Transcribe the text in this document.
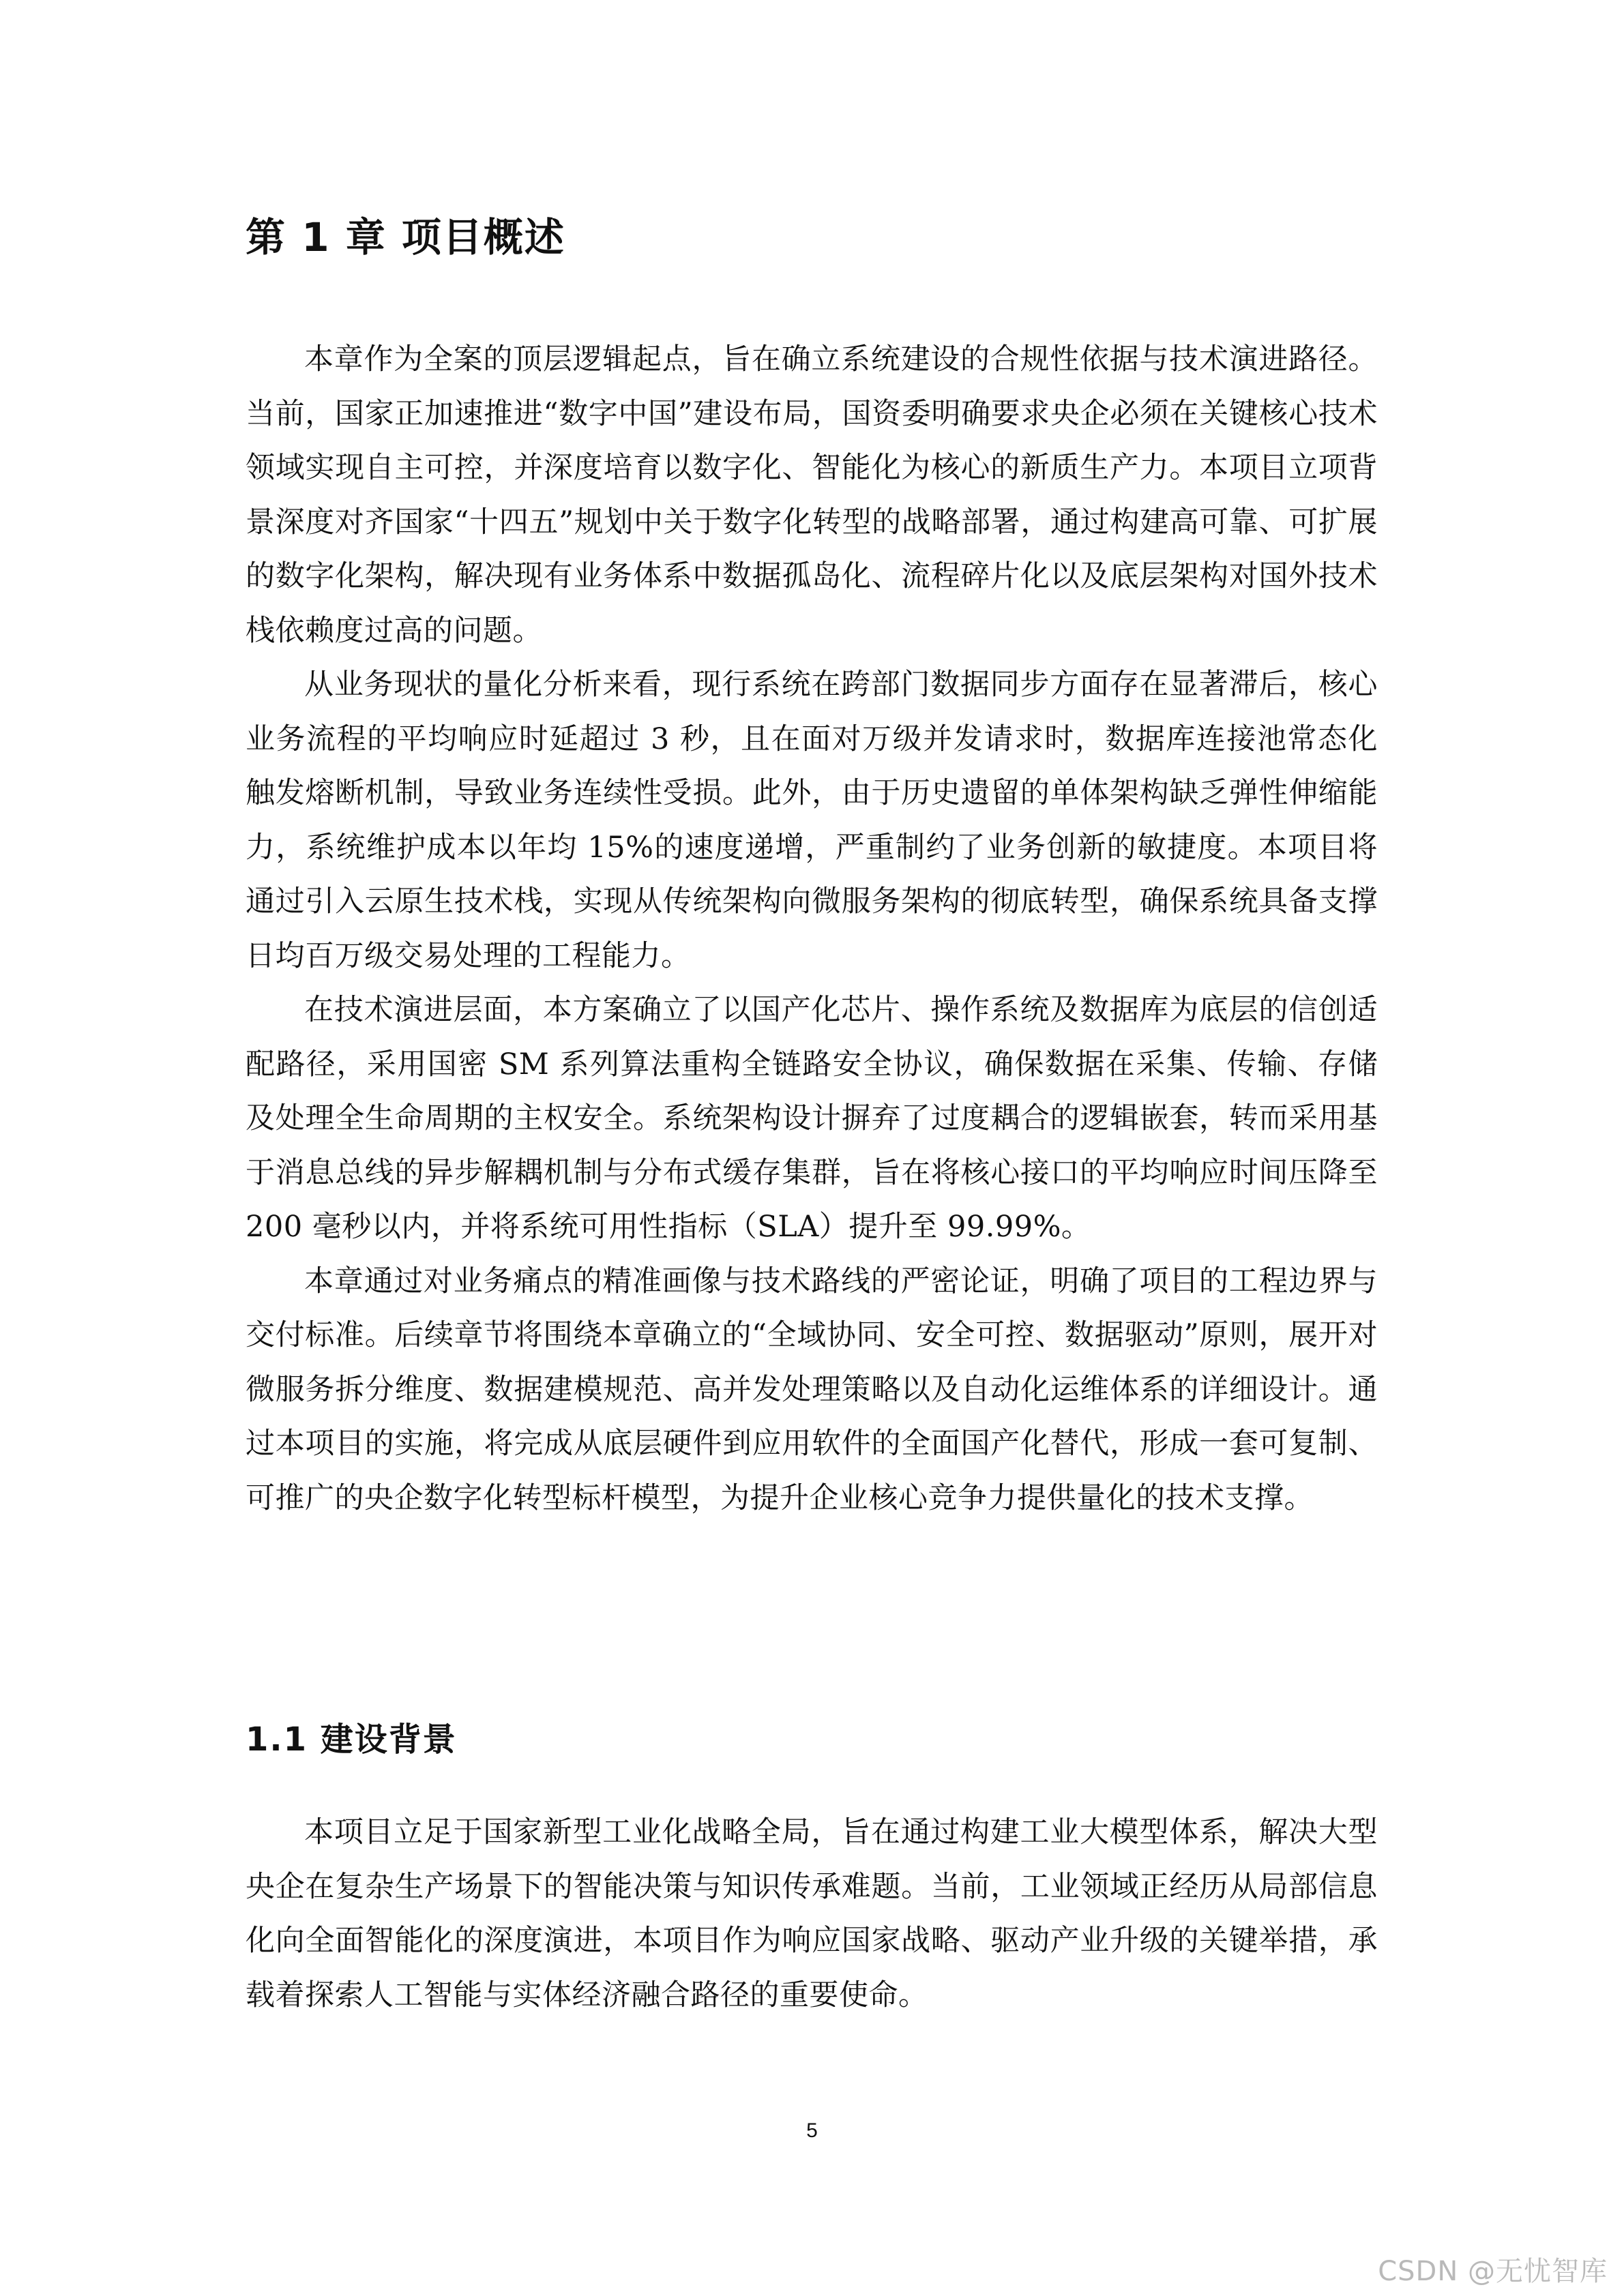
第 1 章 项目概述

本章作为全案的顶层逻辑起点，旨在确立系统建设的合规性依据与技术演进路径。当前，国家正加速推进“数字中国”建设布局，国资委明确要求央企必须在关键核心技术领域实现自主可控，并深度培育以数字化、智能化为核心的新质生产力。本项目立项背景深度对齐国家“十四五”规划中关于数字化转型的战略部署，通过构建高可靠、可扩展的数字化架构，解决现有业务体系中数据孤岛化、流程碎片化以及底层架构对国外技术栈依赖度过高的问题。

从业务现状的量化分析来看，现行系统在跨部门数据同步方面存在显著滞后，核心业务流程的平均响应时延超过 3 秒，且在面对万级并发请求时，数据库连接池常态化触发熔断机制，导致业务连续性受损。此外，由于历史遗留的单体架构缺乏弹性伸缩能力，系统维护成本以年均 15%的速度递增，严重制约了业务创新的敏捷度。本项目将通过引入云原生技术栈，实现从传统架构向微服务架构的彻底转型，确保系统具备支撑日均百万级交易处理的工程能力。

在技术演进层面，本方案确立了以国产化芯片、操作系统及数据库为底层的信创适配路径，采用国密 SM 系列算法重构全链路安全协议，确保数据在采集、传输、存储及处理全生命周期的主权安全。系统架构设计摒弃了过度耦合的逻辑嵌套，转而采用基于消息总线的异步解耦机制与分布式缓存集群，旨在将核心接口的平均响应时间压降至 200 毫秒以内，并将系统可用性指标（SLA）提升至 99.99%。

本章通过对业务痛点的精准画像与技术路线的严密论证，明确了项目的工程边界与交付标准。后续章节将围绕本章确立的“全域协同、安全可控、数据驱动”原则，展开对微服务拆分维度、数据建模规范、高并发处理策略以及自动化运维体系的详细设计。通过本项目的实施，将完成从底层硬件到应用软件的全面国产化替代，形成一套可复制、可推广的央企数字化转型标杆模型，为提升企业核心竞争力提供量化的技术支撑。

1.1 建设背景

本项目立足于国家新型工业化战略全局，旨在通过构建工业大模型体系，解决大型央企在复杂生产场景下的智能决策与知识传承难题。当前，工业领域正经历从局部信息化向全面智能化的深度演进，本项目作为响应国家战略、驱动产业升级的关键举措，承载着探索人工智能与实体经济融合路径的重要使命。

5
CSDN @无忧智库
